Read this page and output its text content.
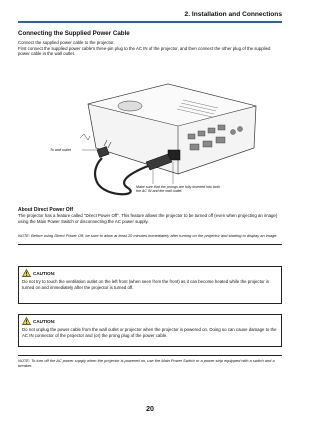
2. Installation and Connections
Connecting the Supplied Power Cable
Connect the supplied power cable to the projector.
First connect the supplied power cable's three-pin plug to the AC IN of the projector, and then connect the other plug of the supplied power cable in the wall outlet.
To wall outlet
Make sure that the prongs are fully inserted into both
the AC IN and the wall outlet.
About Direct Power Off
The projector has a feature called "Direct Power Off". This feature allows the projector to be turned off (even when projecting an image) using the Main Power Switch or disconnecting the AC power supply.
NOTE: Before using Direct Power Off, be sure to allow at least 20 minutes immediately after turning on the projector and starting to display an image.
CAUTION:
Do not try to touch the ventilation outlet on the left front (when seen from the front) as it can become heated while the projector is turned on and immediately after the projector is turned off.
CAUTION:
Do not unplug the power cable from the wall outlet or projector when the projector is powered on. Doing so can cause damage to the AC IN connector of the projector and (or) the prong plug of the power cable.
NOTE: To turn off the AC power supply when the projector is powered on, use the Main Power Switch or a power strip equipped with a switch and a breaker.
20
